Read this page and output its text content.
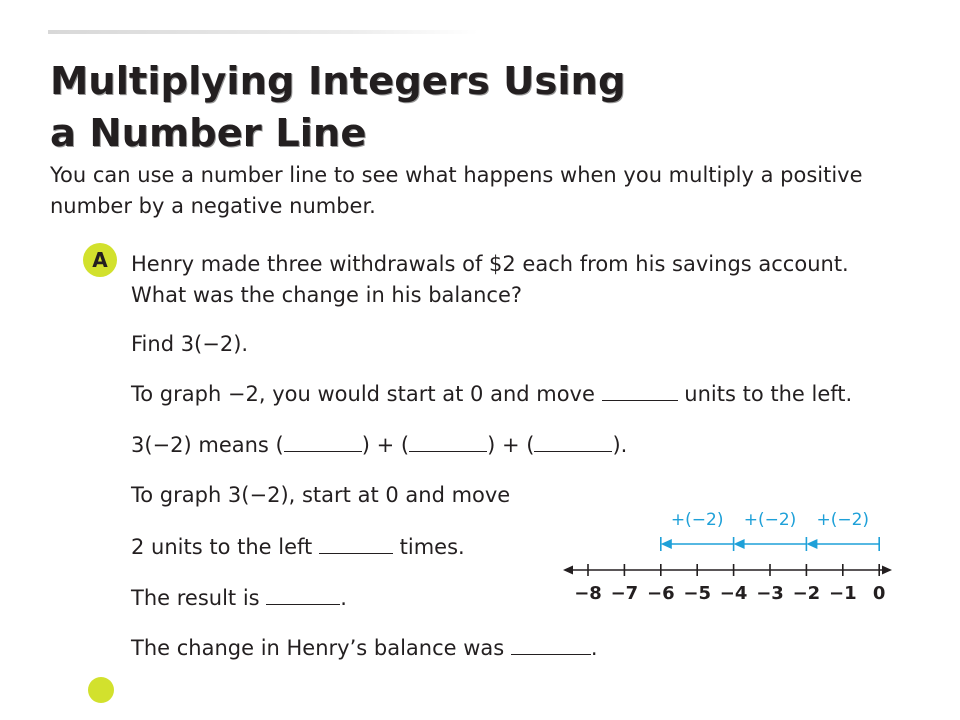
Multiplying Integers Using
a Number Line
You can use a number line to see what happens when you multiply a positive
number by a negative number.
A	Henry made three withdrawals of $2 each from his savings account.
What was the change in his balance?
Find 3(−2).
To graph −2, you would start at 0 and move	units to the left.
3(−2) means (	) + (	) + (	).
To graph 3(−2), start at 0 and move
2 units to the left	times.
The result is	.
The change in Henry’s balance was	.
−8 −7 −6 −5 −4 −3 −2 −1 0
+(−2)
+(−2)
+(−2)
